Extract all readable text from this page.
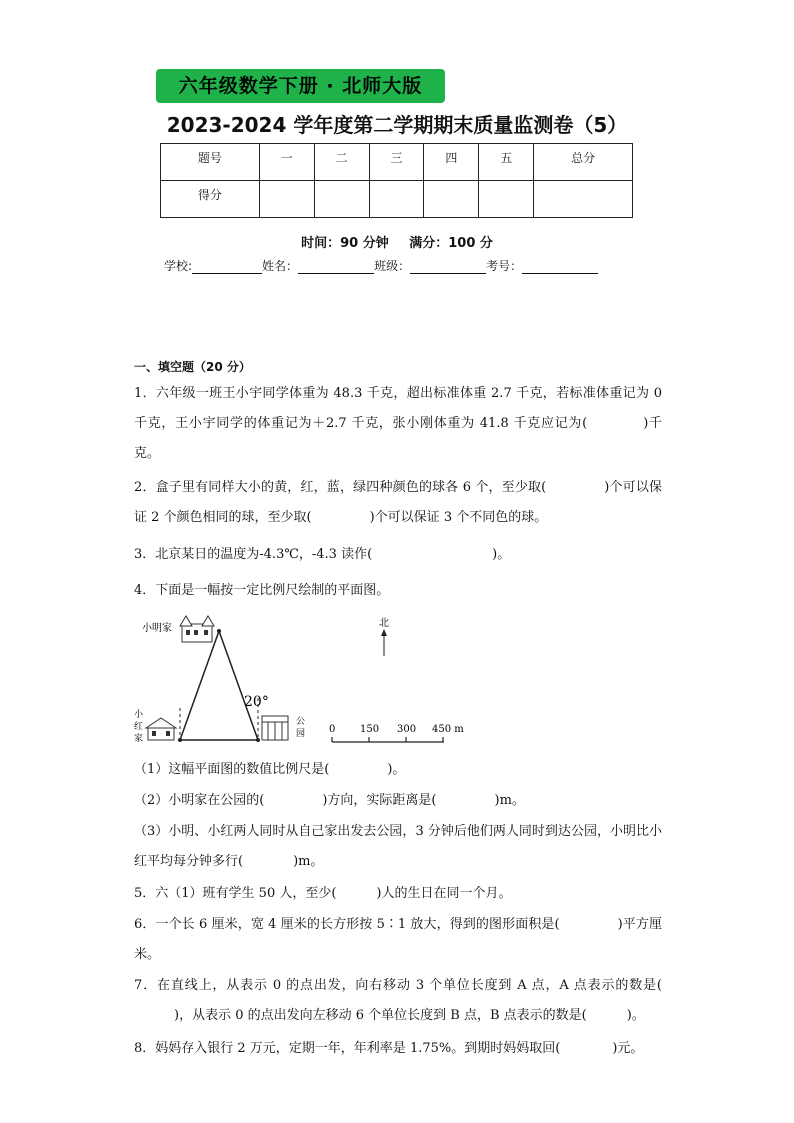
六年级数学下册 · 北师大版
2023-2024 学年度第二学期期末质量监测卷（5）
题号	一	二	三	四	五	总分
得分						
时间：90 分钟 满分：100 分
学校:	姓名：	班级：	考号：
一、填空题（20 分）
1．六年级一班王小宇同学体重为 48.3 千克，超出标准体重 2.7 千克，若标准体重记为 0 千克，王小宇同学的体重记为＋2.7 千克，张小刚体重为 41.8 千克应记为(	)千克。
2．盒子里有同样大小的黄，红，蓝，绿四种颜色的球各 6 个，至少取(	)个可以保证 2 个颜色相同的球，至少取(	)个可以保证 3 个不同色的球。
3．北京某日的温度为-4.3℃，-4.3 读作(	)。
4．下面是一幅按一定比例尺绘制的平面图。
小明家
20°
小
红
家
公
园
北
0 150 300 450 m
（1）这幅平面图的数值比例尺是(	)。
（2）小明家在公园的(	)方向，实际距离是(	)m。
（3）小明、小红两人同时从自己家出发去公园，3 分钟后他们两人同时到达公园，小明比小红平均每分钟多行(	)m。
5．六（1）班有学生 50 人，至少(	)人的生日在同一个月。
6．一个长 6 厘米，宽 4 厘米的长方形按 5∶1 放大，得到的图形面积是(	)平方厘米。
7．在直线上，从表示 0 的点出发，向右移动 3 个单位长度到 A 点，A 点表示的数是()，从表示 0 的点出发向左移动 6 个单位长度到 B 点，B 点表示的数是(	)。
8．妈妈存入银行 2 万元，定期一年，年利率是 1.75%。到期时妈妈取回(	)元。
